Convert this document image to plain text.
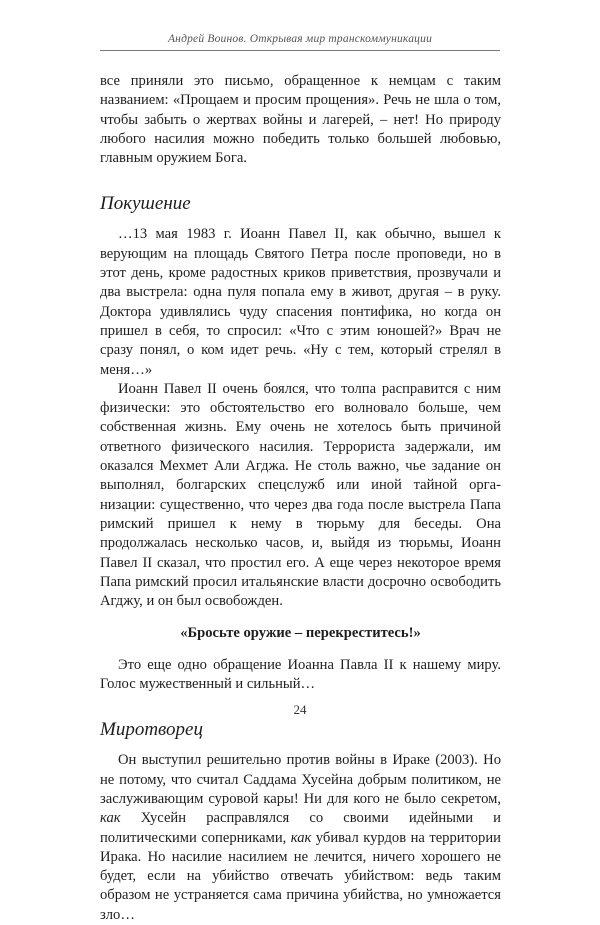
Андрей Воинов. Открывая мир транскоммуникации

все приняли это письмо, обращенное к немцам с таким названием: «Прощаем и просим прощения». Речь не шла о том, чтобы забыть о жертвах войны и лагерей, – нет! Но природу любого насилия можно победить только большей любовью, главным оружием Бога.

Покушение

…13 мая 1983 г. Иоанн Павел II, как обычно, вышел к верующим на площадь Святого Петра после проповеди, но в этот день, кроме радостных криков приветствия, прозвучали и два выстрела: одна пуля попала ему в живот, другая – в руку. Доктора удивлялись чуду спасения понтифика, но когда он пришел в себя, то спросил: «Что с этим юношей?» Врач не сразу понял, о ком идет речь. «Ну с тем, который стрелял в меня…»

Иоанн Павел II очень боялся, что толпа расправится с ним физически: это обстоятельство его волновало больше, чем собственная жизнь. Ему очень не хотелось быть причиной ответного физического насилия. Террориста задержали, им оказался Мехмет Али Агджа. Не столь важно, чье задание он выполнял, болгарских спецслужб или иной тайной организации: существенно, что через два года после выстрела Папа римский пришел к нему в тюрьму для беседы. Она продолжалась несколько часов, и, выйдя из тюрьмы, Иоанн Павел II сказал, что простил его. А еще через некоторое время Папа римский просил итальянские власти досрочно освободить Агджу, и он был освобожден.

«Бросьте оружие – перекреститесь!»

Это еще одно обращение Иоанна Павла II к нашему миру. Голос мужественный и сильный…

Миротворец

Он выступил решительно против войны в Ираке (2003). Но не потому, что считал Саддама Хусейна добрым политиком, не заслуживающим суровой кары! Ни для кого не было секретом, как Хусейн расправлялся со своими идейными и политическими соперниками, как убивал курдов на территории Ирака. Но насилие насилием не лечится, ничего хорошего не будет, если на убийство отвечать убийством: ведь таким образом не устраняется сама причина убийства, но умножается зло…

24
